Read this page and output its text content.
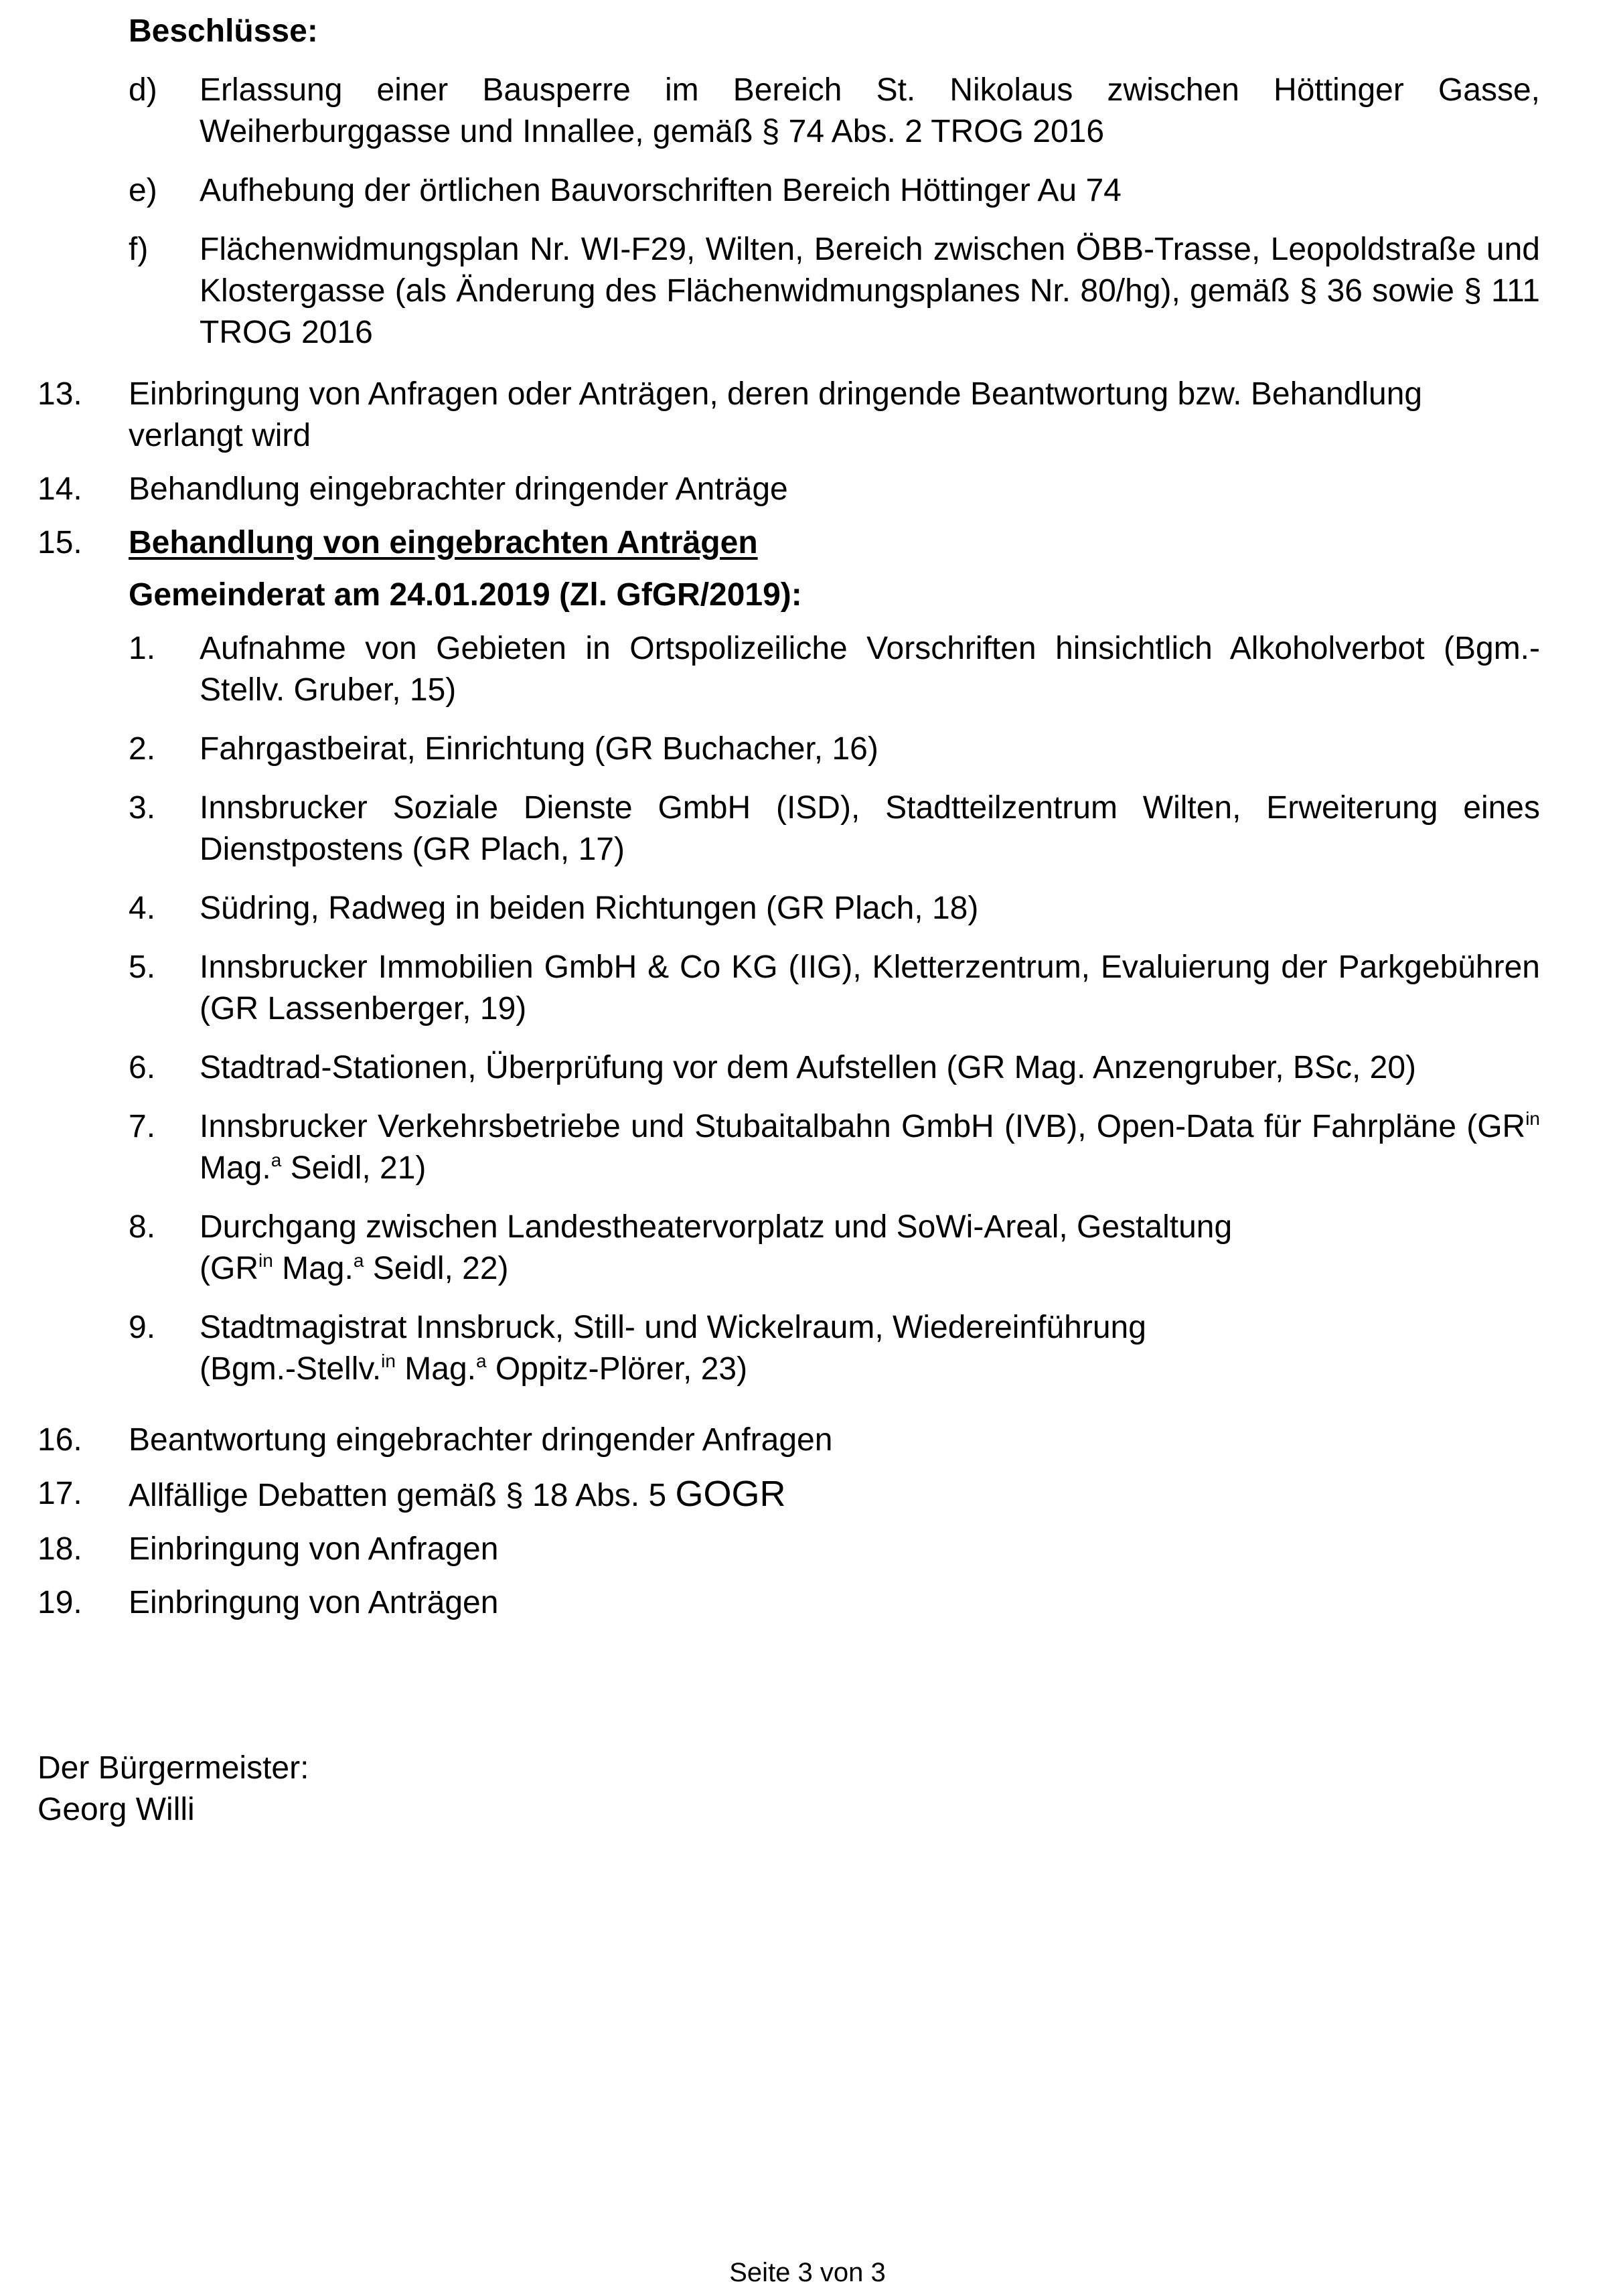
Beschlüsse:
d)	Erlassung einer Bausperre im Bereich St. Nikolaus zwischen Höttinger Gasse, Weiherburggasse und Innallee, gemäß § 74 Abs. 2 TROG 2016
e)	Aufhebung der örtlichen Bauvorschriften Bereich Höttinger Au 74
f)	Flächenwidmungsplan Nr. WI-F29, Wilten, Bereich zwischen ÖBB-Trasse, Leopoldstraße und Klostergasse (als Änderung des Flächenwidmungsplanes Nr. 80/hg), gemäß § 36 sowie § 111 TROG 2016
13.	Einbringung von Anfragen oder Anträgen, deren dringende Beantwortung bzw. Behandlung verlangt wird
14.	Behandlung eingebrachter dringender Anträge
15.	Behandlung von eingebrachten Anträgen
Gemeinderat am 24.01.2019 (Zl. GfGR/2019):
1.	Aufnahme von Gebieten in Ortspolizeiliche Vorschriften hinsichtlich Alkoholverbot (Bgm.-Stellv. Gruber, 15)
2.	Fahrgastbeirat, Einrichtung (GR Buchacher, 16)
3.	Innsbrucker Soziale Dienste GmbH (ISD), Stadtteilzentrum Wilten, Erweiterung eines Dienstpostens (GR Plach, 17)
4.	Südring, Radweg in beiden Richtungen (GR Plach, 18)
5.	Innsbrucker Immobilien GmbH & Co KG (IIG), Kletterzentrum, Evaluierung der Parkgebühren (GR Lassenberger, 19)
6.	Stadtrad-Stationen, Überprüfung vor dem Aufstellen (GR Mag. Anzengruber, BSc, 20)
7.	Innsbrucker Verkehrsbetriebe und Stubaitalbahn GmbH (IVB), Open-Data für Fahrpläne ($GR^{in}$ Mag.$^a$ Seidl, 21)
8.	Durchgang zwischen Landestheatervorplatz und SoWi-Areal, Gestaltung
($GR^{in}$ Mag.$^a$ Seidl, 22)
9.	Stadtmagistrat Innsbruck, Still- und Wickelraum, Wiedereinführung
(Bgm.-Stellv.$^{in}$ Mag.$^a$ Oppitz-Plörer, 23)
16.	Beantwortung eingebrachter dringender Anfragen
17.	Allfällige Debatten gemäß § 18 Abs. 5 GOGR
18.	Einbringung von Anfragen
19.	Einbringung von Anträgen
Der Bürgermeister:
Georg Willi
Seite 3 von 3
